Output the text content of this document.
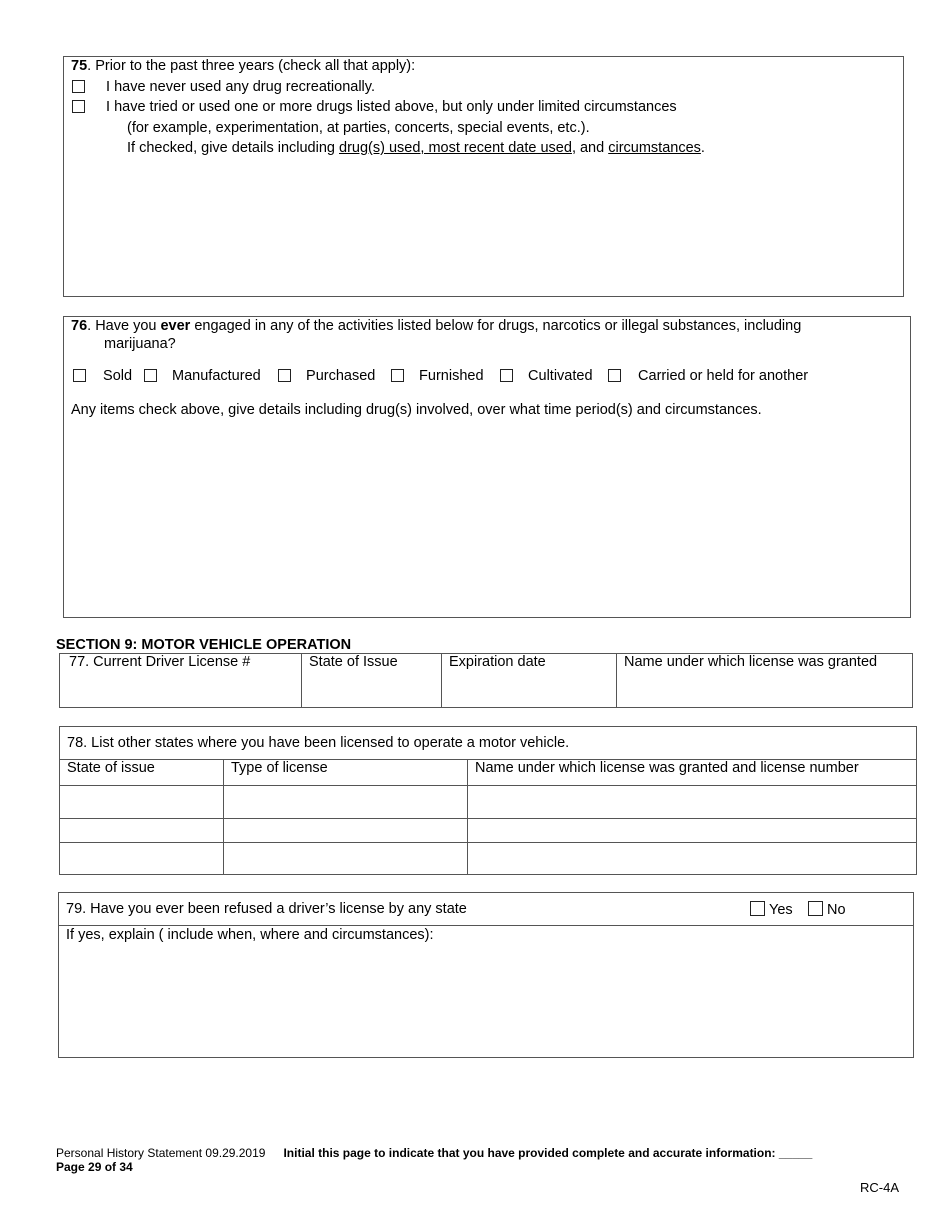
75. Prior to the past three years (check all that apply):
I have never used any drug recreationally.
I have tried or used one or more drugs listed above, but only under limited circumstances
(for example, experimentation, at parties, concerts, special events, etc.).
If checked, give details including drug(s) used, most recent date used, and circumstances.
76. Have you ever engaged in any of the activities listed below for drugs, narcotics or illegal substances, including
marijuana?
Sold	Manufactured	Purchased	Furnished	Cultivated	Carried or held for another
Any items check above, give details including drug(s) involved, over what time period(s) and circumstances.
SECTION 9: MOTOR VEHICLE OPERATION
77. Current Driver License #	State of Issue	Expiration date	Name under which license was granted
78. List other states where you have been licensed to operate a motor vehicle.		
State of issue	Type of license	Name under which license was granted and license number

79. Have you ever been refused a driver’s license by any state	Yes	No
If yes, explain ( include when, where and circumstances):
Personal History Statement 09.29.2019 Initial this page to indicate that you have provided complete and accurate information: _____
Page 29 of 34
RC-4A
